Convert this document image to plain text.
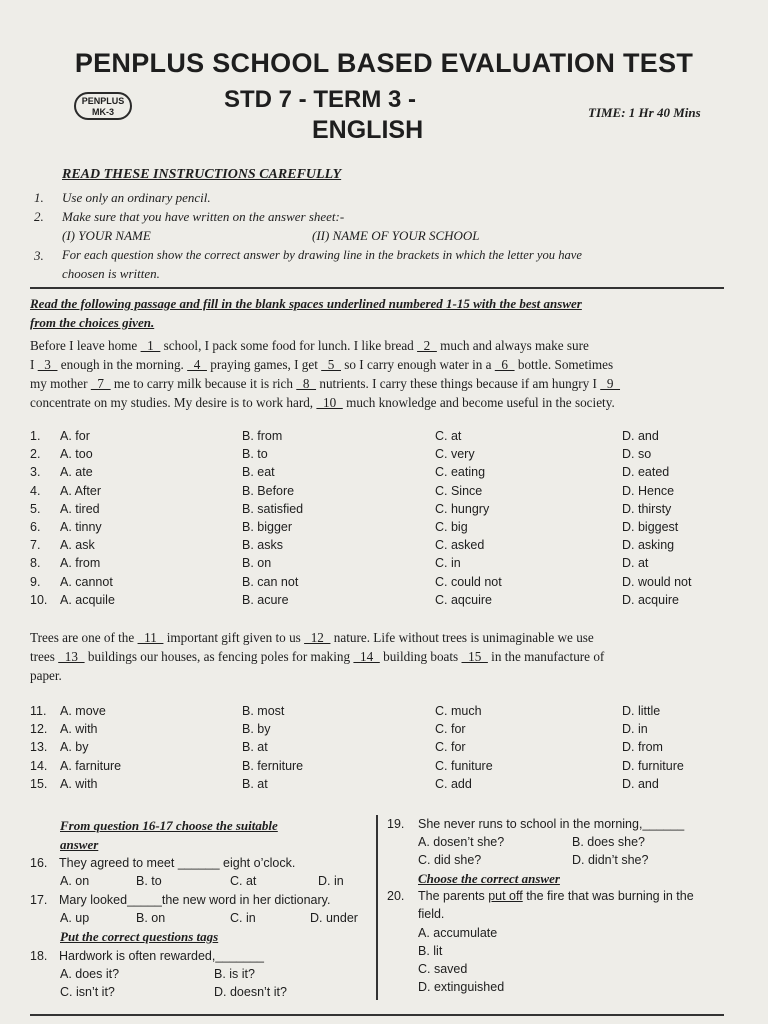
PENPLUS SCHOOL BASED EVALUATION TEST
PENPLUS
MK-3	STD 7 - TERM 3 -
ENGLISH
TIME: 1 Hr 40 Mins
READ THESE INSTRUCTIONS CAREFULLY
1. Use only an ordinary pencil.
2. Make sure that you have written on the answer sheet:-
(I) YOUR NAME	(II) NAME OF YOUR SCHOOL
3. For each question show the correct answer by drawing line in the brackets in which the letter you have
choosen is written.
Read the following passage and fill in the blank spaces underlined numbered 1-15 with the best answer
from the choices given.
Before I leave home  1  school, I pack some food for lunch. I like bread  2  much and always make sure
I  3  enough in the morning.  4  praying games, I get  5  so I carry enough water in a  6  bottle. Sometimes
my mother  7  me to carry milk because it is rich  8  nutrients. I carry these things because if am hungry I  9 
concentrate on my studies. My desire is to work hard,  10  much knowledge and become useful in the society.
1. A. for	B. from	C. at	D. and
2. A. too	B. to	C. very	D. so
3. A. ate	B. eat	C. eating	D. eated
4. A. After	B. Before	C. Since	D. Hence
5. A. tired	B. satisfied	C. hungry	D. thirsty
6. A. tinny	B. bigger	C. big	D. biggest
7. A. ask	B. asks	C. asked	D. asking
8. A. from	B. on	C. in	D. at
9. A. cannot	B. can not	C. could not	D. would not
10. A. acquile	B. acure	C. aqcuire	D. acquire
Trees are one of the  11  important gift given to us  12  nature. Life without trees is unimaginable we use
trees  13  buildings our houses, as fencing poles for making  14  building boats  15  in the manufacture of
paper.
11. A. move	B. most	C. much	D. little
12. A. with	B. by	C. for	D. in
13. A. by	B. at	C. for	D. from
14. A. farniture	B. ferniture	C. funiture	D. furniture
15. A. with	B. at	C. add	D. and
From question 16-17 choose the suitable
answer
16. They agreed to meet ______ eight o’clock.
A. on	B. to	C. at	D. in
17. Mary looked_____the new word in her dictionary.
A. up	B. on	C. in	D. under
Put the correct questions tags
18. Hardwork is often rewarded,_______
A. does it?	B. is it?
C. isn’t it?	D. doesn’t it?
19. She never runs to school in the morning,______
A. dosen’t she?	B. does she?
C. did she?	D. didn’t she?
Choose the correct answer
20. The parents put off the fire that was burning in the
field.
A. accumulate
B. lit
C. saved
D. extinguished
